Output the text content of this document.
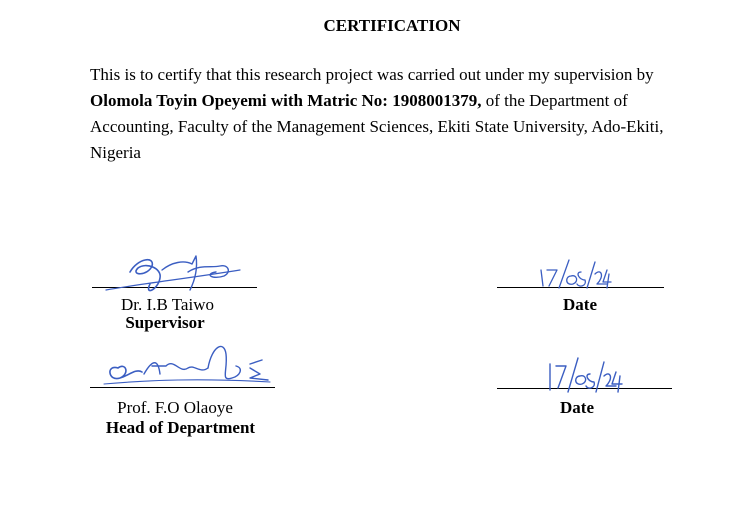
CERTIFICATION
This is to certify that this research project was carried out under my supervision by Olomola Toyin Opeyemi with Matric No: 1908001379, of the Department of Accounting, Faculty of the Management Sciences, Ekiti State University, Ado-Ekiti, Nigeria
Dr. I.B Taiwo
Supervisor
Date
Prof. F.O Olaoye
Head of Department
Date
